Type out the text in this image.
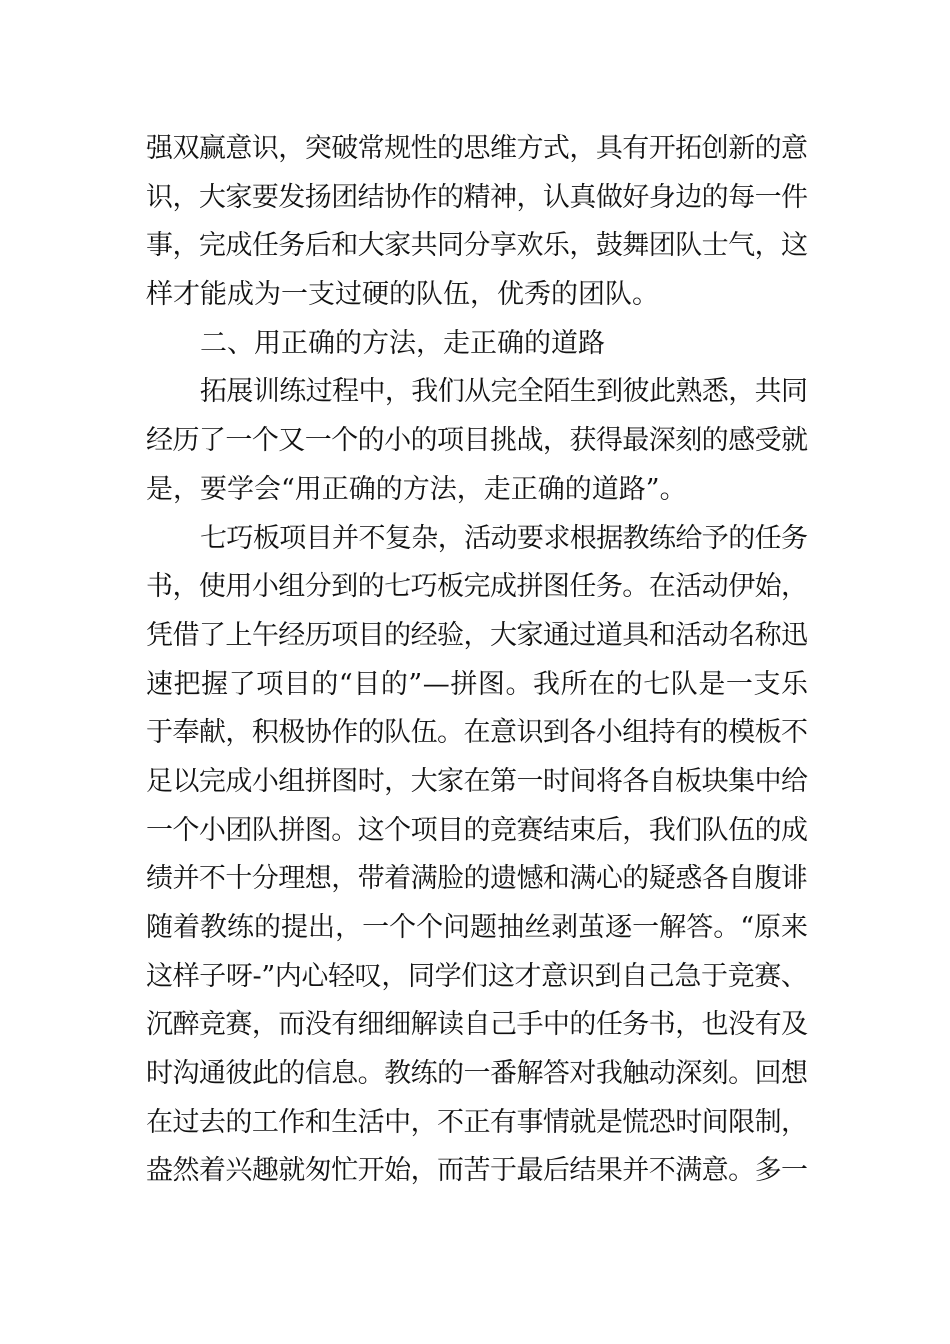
强双赢意识，突破常规性的思维方式，具有开拓创新的意
识，大家要发扬团结协作的精神，认真做好身边的每一件
事，完成任务后和大家共同分享欢乐，鼓舞团队士气，这
样才能成为一支过硬的队伍，优秀的团队。
二、用正确的方法，走正确的道路
拓展训练过程中，我们从完全陌生到彼此熟悉，共同
经历了一个又一个的小的项目挑战，获得最深刻的感受就
是，要学会“用正确的方法，走正确的道路”。
七巧板项目并不复杂，活动要求根据教练给予的任务
书，使用小组分到的七巧板完成拼图任务。在活动伊始，
凭借了上午经历项目的经验，大家通过道具和活动名称迅
速把握了项目的“目的”—拼图。我所在的七队是一支乐
于奉献，积极协作的队伍。在意识到各小组持有的模板不
足以完成小组拼图时，大家在第一时间将各自板块集中给
一个小团队拼图。这个项目的竞赛结束后，我们队伍的成
绩并不十分理想，带着满脸的遗憾和满心的疑惑各自腹诽
随着教练的提出，一个个问题抽丝剥茧逐一解答。“原来
这样子呀-”内心轻叹，同学们这才意识到自己急于竞赛、
沉醉竞赛，而没有细细解读自己手中的任务书，也没有及
时沟通彼此的信息。教练的一番解答对我触动深刻。回想
在过去的工作和生活中，不正有事情就是慌恐时间限制，
盎然着兴趣就匆忙开始，而苦于最后结果并不满意。多一
